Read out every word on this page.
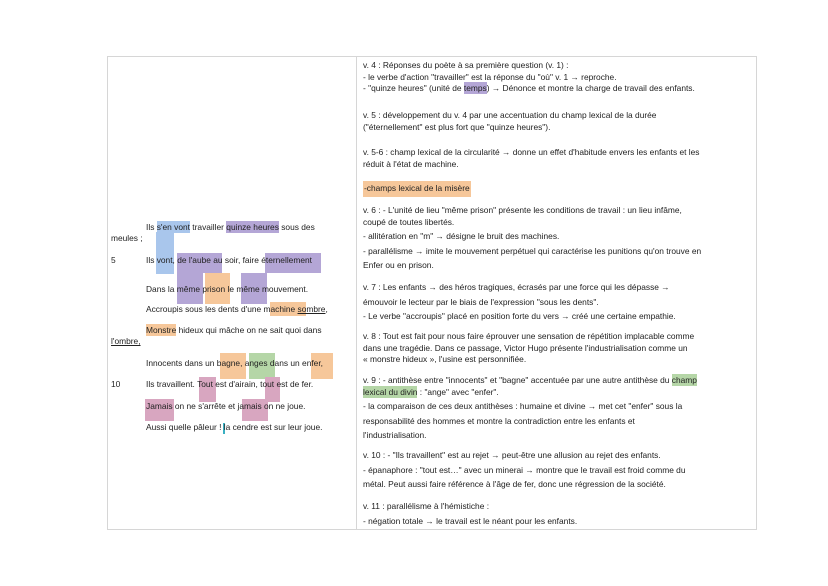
Ils s'en vont travailler quinze heures sous des
meules ;
5	Ils vont, de l'aube au soir, faire éternellement
Dans la même prison le même mouvement.
Accroupis sous les dents d'une machine sombre,
Monstre hideux qui mâche on ne sait quoi dans
l'ombre,
Innocents dans un bagne, anges dans un enfer,
10	Ils travaillent. Tout est d'airain, tout est de fer.
Jamais on ne s'arrête et jamais on ne joue.
Aussi quelle pâleur ! la cendre est sur leur joue.
v. 4 : Réponses du poète à sa première question (v. 1) :
- le verbe d'action "travailler" est la réponse du "où" v. 1 → reproche.
- "quinze heures" (unité de temps) → Dénonce et montre la charge de travail des enfants.
v. 5 : développement du v. 4 par une accentuation du champ lexical de la durée
("éternellement" est plus fort que "quinze heures").
v. 5-6 : champ lexical de la circularité → donne un effet d'habitude envers les enfants et les
réduit à l'état de machine.
-champs lexical de la misère
v. 6 : - L'unité de lieu "même prison" présente les conditions de travail : un lieu infâme,
coupé de toutes libertés.
- allitération en "m" → désigne le bruit des machines.
- parallélisme → imite le mouvement perpétuel qui caractérise les punitions qu'on trouve en
Enfer ou en prison.
v. 7 : Les enfants → des héros tragiques, écrasés par une force qui les dépasse →
émouvoir le lecteur par le biais de l'expression "sous les dents".
- Le verbe "accroupis" placé en position forte du vers → créé une certaine empathie.
v. 8 : Tout est fait pour nous faire éprouver une sensation de répétition implacable comme
dans une tragédie. Dans ce passage, Victor Hugo présente l'industrialisation comme un
« monstre hideux », l'usine est personnifiée.
v. 9 : - antithèse entre "innocents" et "bagne" accentuée par une autre antithèse du champ
lexical du divin : "ange" avec "enfer".
- la comparaison de ces deux antithèses : humaine et divine → met cet "enfer" sous la
responsabilité des hommes et montre la contradiction entre les enfants et
l'industrialisation.
v. 10 : - "Ils travaillent" est au rejet → peut-être une allusion au rejet des enfants.
- épanaphore : "tout est…" avec un minerai → montre que le travail est froid comme du
métal. Peut aussi faire référence à l'âge de fer, donc une régression de la société.
v. 11 : parallélisme à l'hémistiche :
- négation totale → le travail est le néant pour les enfants.
